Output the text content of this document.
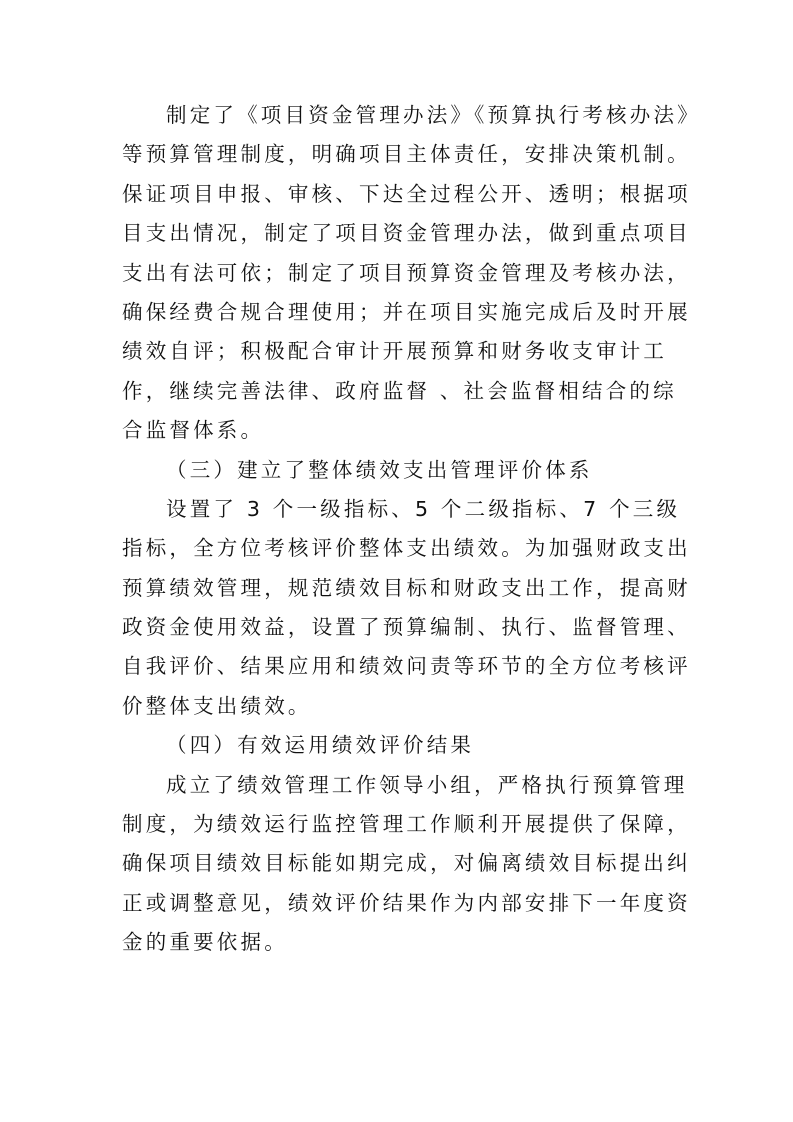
制定了《项目资金管理办法》《预算执行考核办法》
等预算管理制度，明确项目主体责任，安排决策机制。
保证项目申报、审核、下达全过程公开、透明；根据项
目支出情况，制定了项目资金管理办法，做到重点项目
支出有法可依；制定了项目预算资金管理及考核办法，
确保经费合规合理使用；并在项目实施完成后及时开展
绩效自评；积极配合审计开展预算和财务收支审计工
作，继续完善法律、政府监督 、社会监督相结合的综
合监督体系。
（三）建立了整体绩效支出管理评价体系
设置了 3 个一级指标、5 个二级指标、7 个三级
指标，全方位考核评价整体支出绩效。为加强财政支出
预算绩效管理，规范绩效目标和财政支出工作，提高财
政资金使用效益，设置了预算编制、执行、监督管理、
自我评价、结果应用和绩效问责等环节的全方位考核评
价整体支出绩效。
（四）有效运用绩效评价结果
成立了绩效管理工作领导小组，严格执行预算管理
制度，为绩效运行监控管理工作顺利开展提供了保障，
确保项目绩效目标能如期完成，对偏离绩效目标提出纠
正或调整意见，绩效评价结果作为内部安排下一年度资
金的重要依据。
